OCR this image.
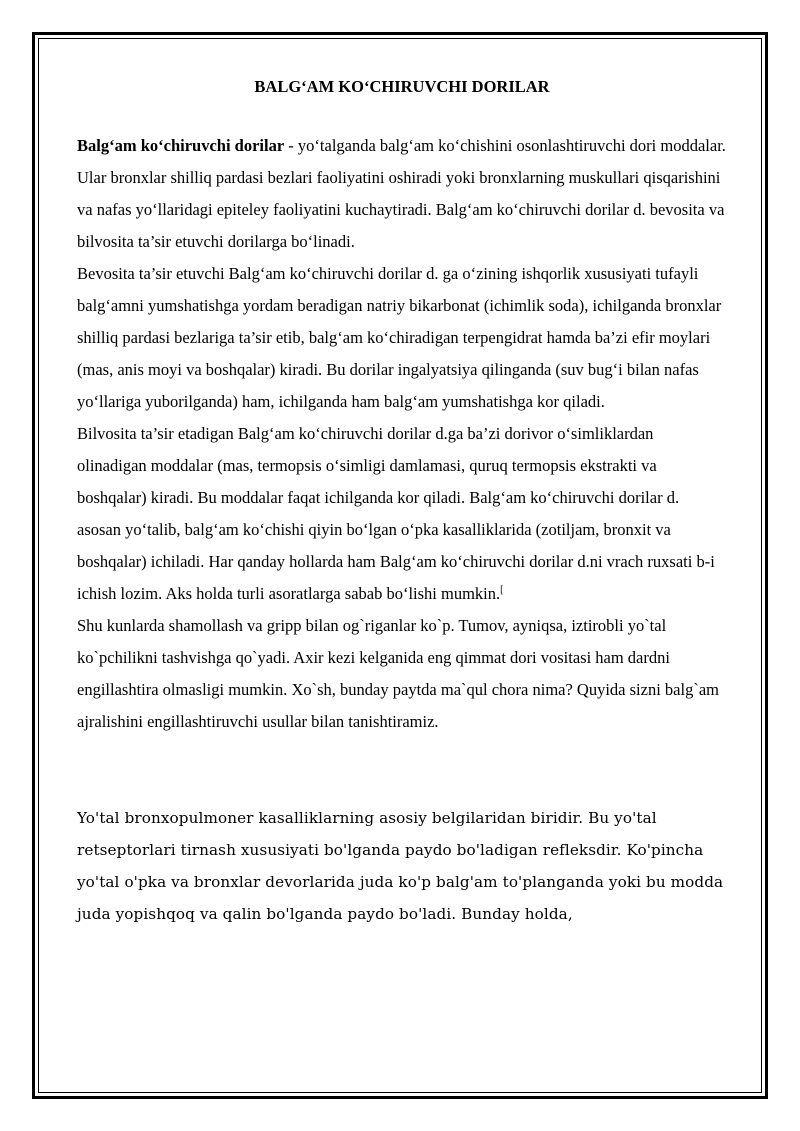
BALG‘AM KO‘CHIRUVCHI DORILAR

Balg‘am ko‘chiruvchi dorilar - yo‘talganda balg‘am ko‘chishini osonlashtiruvchi dori moddalar. Ular bronxlar shilliq pardasi bezlari faoliyatini oshiradi yoki bronxlarning muskullari qisqarishini va nafas yo‘llaridagi epiteley faoliyatini kuchaytiradi. Balg‘am ko‘chiruvchi dorilar d. bevosita va bilvosita ta’sir etuvchi dorilarga bo‘linadi.

Bevosita ta’sir etuvchi Balg‘am ko‘chiruvchi dorilar d. ga o‘zining ishqorlik xususiyati tufayli balg‘amni yumshatishga yordam beradigan natriy bikarbonat (ichimlik soda), ichilganda bronxlar shilliq pardasi bezlariga ta’sir etib, balg‘am ko‘chiradigan terpengidrat hamda ba’zi efir moylari (mas, anis moyi va boshqalar) kiradi. Bu dorilar ingalyatsiya qilinganda (suv bug‘i bilan nafas yo‘llariga yuborilganda) ham, ichilganda ham balg‘am yumshatishga kor qiladi.

Bilvosita ta’sir etadigan Balg‘am ko‘chiruvchi dorilar d.ga ba’zi dorivor o‘simliklardan olinadigan moddalar (mas, termopsis o‘simligi damlamasi, quruq termopsis ekstrakti va boshqalar) kiradi. Bu moddalar faqat ichilganda kor qiladi. Balg‘am ko‘chiruvchi dorilar d. asosan yo‘talib, balg‘am ko‘chishi qiyin bo‘lgan o‘pka kasalliklarida (zotiljam, bronxit va boshqalar) ichiladi. Har qanday hollarda ham Balg‘am ko‘chiruvchi dorilar d.ni vrach ruxsati b-i ichish lozim. Aks holda turli asoratlarga sabab bo‘lishi mumkin.[

Shu kunlarda shamollash va gripp bilan og`riganlar ko`p. Tumov, ayniqsa, iztirobli yo`tal ko`pchilikni tashvishga qo`yadi. Axir kezi kelganida eng qimmat dori vositasi ham dardni engillashtira olmasligi mumkin. Xo`sh, bunday paytda ma`qul chora nima? Quyida sizni balg`am ajralishini engillashtiruvchi usullar bilan tanishtiramiz.

Yo'tal bronxopulmoner kasalliklarning asosiy belgilaridan biridir. Bu yo'tal retseptorlari tirnash xususiyati bo'lganda paydo bo'ladigan refleksdir. Ko'pincha yo'tal o'pka va bronxlar devorlarida juda ko'p balg'am to'planganda yoki bu modda juda yopishqoq va qalin bo'lganda paydo bo'ladi. Bunday holda,
